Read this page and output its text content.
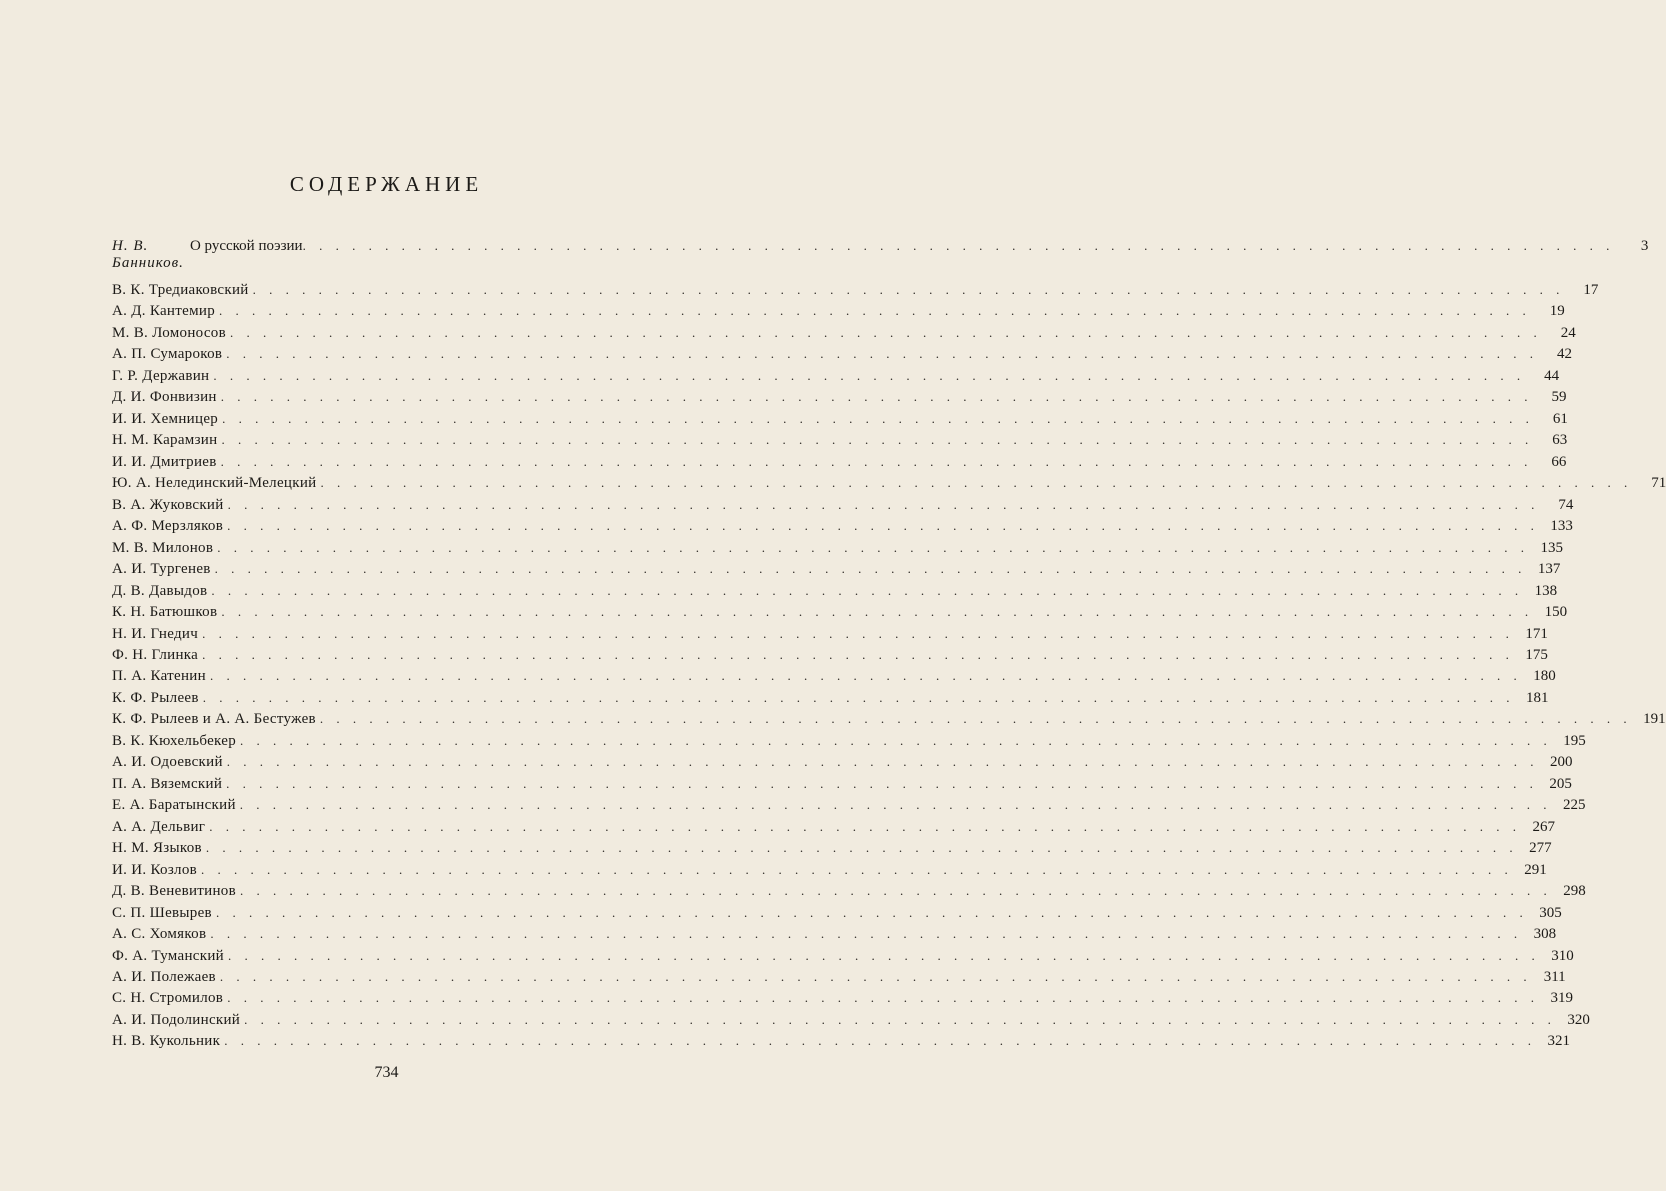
СОДЕРЖАНИЕ
Н. В. Банников.
О русской поэзии . . . . . . . . . . . . . . . . . . . . . . . . . . . . . . . . . . . . . . . . . . . . . . . . . . . . . . . . . . . . . . . . . . . . . . . . . . . . . . . .	3
В. К. Тредиаковский . . . . . . . . . . . . . . . . . . . . . . . . . . . . . . . . . . . . . . . . . . . . . . . . . . . . . . . . . . . . . . . . . . . . . . . . . . . . . . . .	17
А. Д. Кантемир . . . . . . . . . . . . . . . . . . . . . . . . . . . . . . . . . . . . . . . . . . . . . . . . . . . . . . . . . . . . . . . . . . . . . . . . . . . . . . . .	19
М. В. Ломоносов . . . . . . . . . . . . . . . . . . . . . . . . . . . . . . . . . . . . . . . . . . . . . . . . . . . . . . . . . . . . . . . . . . . . . . . . . . . . . . . .	24
А. П. Сумароков . . . . . . . . . . . . . . . . . . . . . . . . . . . . . . . . . . . . . . . . . . . . . . . . . . . . . . . . . . . . . . . . . . . . . . . . . . . . . . . .	42
Г. Р. Державин . . . . . . . . . . . . . . . . . . . . . . . . . . . . . . . . . . . . . . . . . . . . . . . . . . . . . . . . . . . . . . . . . . . . . . . . . . . . . . . .	44
Д. И. Фонвизин . . . . . . . . . . . . . . . . . . . . . . . . . . . . . . . . . . . . . . . . . . . . . . . . . . . . . . . . . . . . . . . . . . . . . . . . . . . . . . . .	59
И. И. Хемницер . . . . . . . . . . . . . . . . . . . . . . . . . . . . . . . . . . . . . . . . . . . . . . . . . . . . . . . . . . . . . . . . . . . . . . . . . . . . . . . .	61
Н. М. Карамзин . . . . . . . . . . . . . . . . . . . . . . . . . . . . . . . . . . . . . . . . . . . . . . . . . . . . . . . . . . . . . . . . . . . . . . . . . . . . . . . .	63
И. И. Дмитриев . . . . . . . . . . . . . . . . . . . . . . . . . . . . . . . . . . . . . . . . . . . . . . . . . . . . . . . . . . . . . . . . . . . . . . . . . . . . . . . .	66
Ю. А. Нелединский-Мелецкий . . . . . . . . . . . . . . . . . . . . . . . . . . . . . . . . . . . . . . . . . . . . . . . . . . . . . . . . . . . . . . . . . . . . . . . . . . . . . . . .	71
В. А. Жуковский . . . . . . . . . . . . . . . . . . . . . . . . . . . . . . . . . . . . . . . . . . . . . . . . . . . . . . . . . . . . . . . . . . . . . . . . . . . . . . . .	74
А. Ф. Мерзляков . . . . . . . . . . . . . . . . . . . . . . . . . . . . . . . . . . . . . . . . . . . . . . . . . . . . . . . . . . . . . . . . . . . . . . . . . . . . . . . . 133
М. В. Милонов . . . . . . . . . . . . . . . . . . . . . . . . . . . . . . . . . . . . . . . . . . . . . . . . . . . . . . . . . . . . . . . . . . . . . . . . . . . . . . . . 135
А. И. Тургенев . . . . . . . . . . . . . . . . . . . . . . . . . . . . . . . . . . . . . . . . . . . . . . . . . . . . . . . . . . . . . . . . . . . . . . . . . . . . . . . . 137
Д. В. Давыдов . . . . . . . . . . . . . . . . . . . . . . . . . . . . . . . . . . . . . . . . . . . . . . . . . . . . . . . . . . . . . . . . . . . . . . . . . . . . . . . . 138
К. Н. Батюшков . . . . . . . . . . . . . . . . . . . . . . . . . . . . . . . . . . . . . . . . . . . . . . . . . . . . . . . . . . . . . . . . . . . . . . . . . . . . . . . . 150
Н. И. Гнедич . . . . . . . . . . . . . . . . . . . . . . . . . . . . . . . . . . . . . . . . . . . . . . . . . . . . . . . . . . . . . . . . . . . . . . . . . . . . . . . . 171
Ф. Н. Глинка . . . . . . . . . . . . . . . . . . . . . . . . . . . . . . . . . . . . . . . . . . . . . . . . . . . . . . . . . . . . . . . . . . . . . . . . . . . . . . . . 175
П. А. Катенин . . . . . . . . . . . . . . . . . . . . . . . . . . . . . . . . . . . . . . . . . . . . . . . . . . . . . . . . . . . . . . . . . . . . . . . . . . . . . . . . 180
К. Ф. Рылеев . . . . . . . . . . . . . . . . . . . . . . . . . . . . . . . . . . . . . . . . . . . . . . . . . . . . . . . . . . . . . . . . . . . . . . . . . . . . . . . . 181
К. Ф. Рылеев и А. А. Бестужев . . . . . . . . . . . . . . . . . . . . . . . . . . . . . . . . . . . . . . . . . . . . . . . . . . . . . . . . . . . . . . . . . . . . . . . . . . . . . . . . 191
В. К. Кюхельбекер . . . . . . . . . . . . . . . . . . . . . . . . . . . . . . . . . . . . . . . . . . . . . . . . . . . . . . . . . . . . . . . . . . . . . . . . . . . . . . . . 195
А. И. Одоевский . . . . . . . . . . . . . . . . . . . . . . . . . . . . . . . . . . . . . . . . . . . . . . . . . . . . . . . . . . . . . . . . . . . . . . . . . . . . . . . . 200
П. А. Вяземский . . . . . . . . . . . . . . . . . . . . . . . . . . . . . . . . . . . . . . . . . . . . . . . . . . . . . . . . . . . . . . . . . . . . . . . . . . . . . . . . 205
Е. А. Баратынский . . . . . . . . . . . . . . . . . . . . . . . . . . . . . . . . . . . . . . . . . . . . . . . . . . . . . . . . . . . . . . . . . . . . . . . . . . . . . . . . 225
А. А. Дельвиг . . . . . . . . . . . . . . . . . . . . . . . . . . . . . . . . . . . . . . . . . . . . . . . . . . . . . . . . . . . . . . . . . . . . . . . . . . . . . . . . 267
Н. М. Языков . . . . . . . . . . . . . . . . . . . . . . . . . . . . . . . . . . . . . . . . . . . . . . . . . . . . . . . . . . . . . . . . . . . . . . . . . . . . . . . . 277
И. И. Козлов . . . . . . . . . . . . . . . . . . . . . . . . . . . . . . . . . . . . . . . . . . . . . . . . . . . . . . . . . . . . . . . . . . . . . . . . . . . . . . . . 291
Д. В. Веневитинов . . . . . . . . . . . . . . . . . . . . . . . . . . . . . . . . . . . . . . . . . . . . . . . . . . . . . . . . . . . . . . . . . . . . . . . . . . . . . . . . 298
С. П. Шевырев . . . . . . . . . . . . . . . . . . . . . . . . . . . . . . . . . . . . . . . . . . . . . . . . . . . . . . . . . . . . . . . . . . . . . . . . . . . . . . . . 305
А. С. Хомяков . . . . . . . . . . . . . . . . . . . . . . . . . . . . . . . . . . . . . . . . . . . . . . . . . . . . . . . . . . . . . . . . . . . . . . . . . . . . . . . . 308
Ф. А. Туманский . . . . . . . . . . . . . . . . . . . . . . . . . . . . . . . . . . . . . . . . . . . . . . . . . . . . . . . . . . . . . . . . . . . . . . . . . . . . . . . . 310
А. И. Полежаев . . . . . . . . . . . . . . . . . . . . . . . . . . . . . . . . . . . . . . . . . . . . . . . . . . . . . . . . . . . . . . . . . . . . . . . . . . . . . . . . 311
С. Н. Стромилов . . . . . . . . . . . . . . . . . . . . . . . . . . . . . . . . . . . . . . . . . . . . . . . . . . . . . . . . . . . . . . . . . . . . . . . . . . . . . . . . 319
А. И. Подолинский . . . . . . . . . . . . . . . . . . . . . . . . . . . . . . . . . . . . . . . . . . . . . . . . . . . . . . . . . . . . . . . . . . . . . . . . . . . . . . . . 320
Н. В. Кукольник . . . . . . . . . . . . . . . . . . . . . . . . . . . . . . . . . . . . . . . . . . . . . . . . . . . . . . . . . . . . . . . . . . . . . . . . . . . . . . . . 321
734
